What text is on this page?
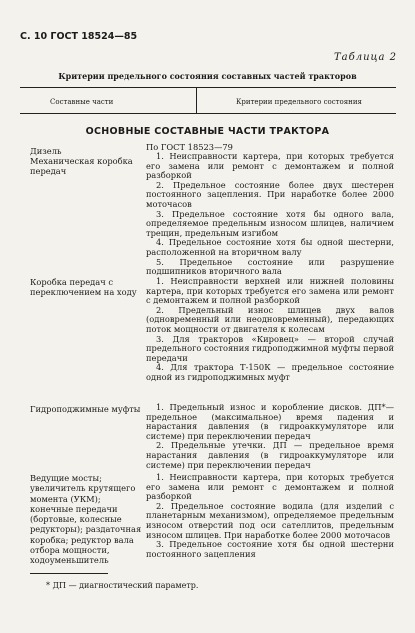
С. 10 ГОСТ 18524—85
Таблица 2
Критерии предельного состояния составных частей тракторов
Составные части	Критерии предельного состояния
ОСНОВНЫЕ СОСТАВНЫЕ ЧАСТИ ТРАКТОРА
Дизель
Механическая коробка передач
Коробка передач с переключением на ходу
Гидроподжимные муфты
Ведущие мосты; увеличитель крутящего момента (УКМ); конечные передачи (бортовые, колесные редукторы); раздаточная коробка; редуктор вала отбора мощности, ходоуменьшитель
По ГОСТ 18523—79
1. Неисправности картера, при которых требуется его замена или ремонт с демонтажем и полной разборкой
2. Предельное состояние более двух шестерен постоянного зацепления. При наработке более 2000 моточасов
3. Предельное состояние хотя бы одного вала, определяемое предельным износом шлицев, наличием трещин, предельным изгибом
4. Предельное состояние хотя бы одной шестерни, расположенной на вторичном валу
5. Предельное состояние или разрушение подшипников вторичного вала
1. Неисправности верхней или нижней половины картера, при которых требуется его замена или ремонт с демонтажем и полной разборкой
2. Предельный износ шлицев двух валов (одновременный или неодновременный), передающих поток мощности от двигателя к колесам
3. Для тракторов «Кировец» — второй случай предельного состояния гидроподжимной муфты первой передачи
4. Для трактора Т-150К — предельное состояние одной из гидроподжимных муфт
1. Предельный износ и коробление дисков. ДП*— предельное (максимальное) время падения и нарастания давления (в гидроаккумуляторе или системе) при переключении передач
2. Предельные утечки. ДП — предельное время нарастания давления (в гидроаккумуляторе или системе) при переключении передач
1. Неисправности картера, при которых требуется его замена или ремонт с демонтажем и полной разборкой
2. Предельное состояние водила (для изделий с планетарным механизмом), определяемое предельным износом отверстий под оси сателлитов, предельным износом шлицев. При наработке более 2000 моточасов
3. Предельное состояние хотя бы одной шестерни постоянного зацепления
* ДП — диагностический параметр.
